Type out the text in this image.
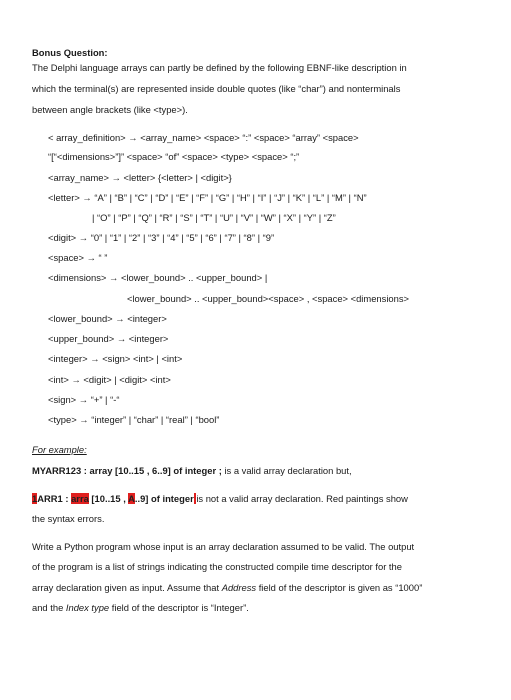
Bonus Question:
The Delphi language arrays can partly be defined by the following EBNF-like description in
which the terminal(s) are represented inside double quotes (like “char”) and nonterminals
between angle brackets (like <type>).
< array_definition> → <array_name> <space> “:” <space> “array” <space>
“[“<dimensions>”]” <space> “of” <space> <type> <space> “;”
<array_name> → <letter> {<letter> | <digit>}
<letter> → “A” | “B” | “C” | “D” | “E” | “F” | “G” | “H” | “I” | “J” | “K” | “L” | “M” | “N”
| “O” | “P” | “Q” | “R” | “S” | “T” | “U” | “V” | “W” | “X” | “Y” | “Z”
<digit> → “0” | “1” | “2” | “3” | “4” | “5” | “6” | “7” | “8” | “9”
<space> → “ ”
<dimensions> → <lower_bound> .. <upper_bound> |
<lower_bound> .. <upper_bound><space> , <space> <dimensions>
<lower_bound> → <integer>
<upper_bound> → <integer>
<integer> → <sign> <int> | <int>
<int> → <digit> | <digit> <int>
<sign> → “+” | “-“
<type> → “integer” | “char” | “real” | “bool”
For example:
MYARR123 : array [10..15 , 6..9] of integer ; is a valid array declaration but,
1ARR1 : arra [10..15 , A..9] of integer is not a valid array declaration. Red paintings show
the syntax errors.
Write a Python program whose input is an array declaration assumed to be valid. The output
of the program is a list of strings indicating the constructed compile time descriptor for the
array declaration given as input. Assume that Address field of the descriptor is given as “1000”
and the Index type field of the descriptor is “Integer”.
